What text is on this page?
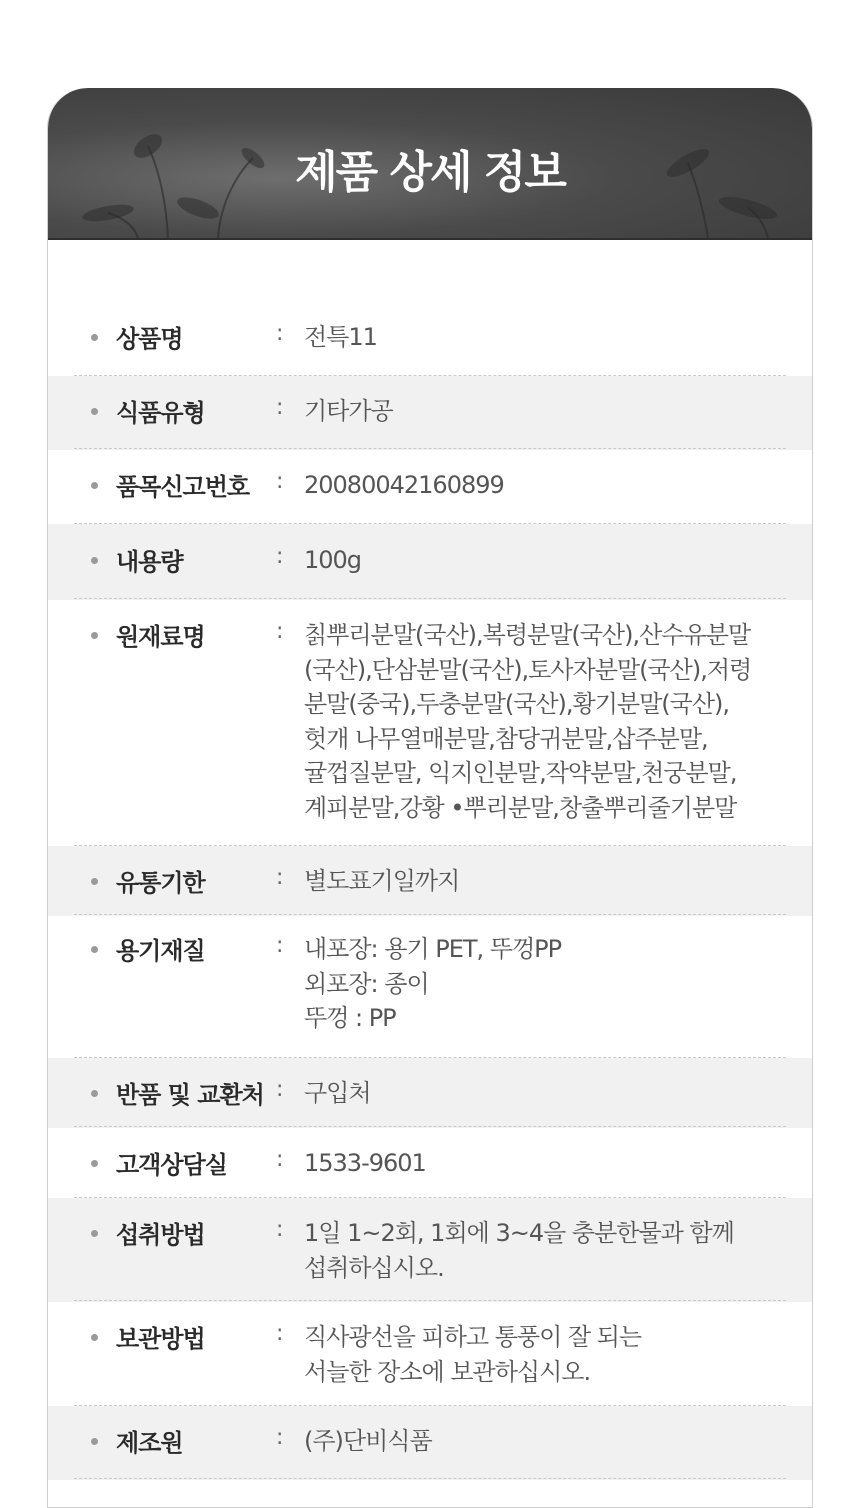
제품 상세 정보
상품명	: 전특11
식품유형	: 기타가공
품목신고번호 : 20080042160899
내용량	: 100g
원재료명	: 칡뿌리분말(국산),복령분말(국산),산수유분말
(국산),단삼분말(국산),토사자분말(국산),저령
분말(중국),두충분말(국산),황기분말(국산),
헛개 나무열매분말,참당귀분말,삽주분말,
귤껍질분말, 익지인분말,작약분말,천궁분말,
계피분말,강황 •뿌리분말,창출뿌리줄기분말
유통기한	: 별도표기일까지
용기재질	: 내포장: 용기 PET, 뚜껑PP
외포장: 종이
뚜껑 : PP
반품 및 교환처 : 구입처
고객상담실 : 1533-9601
섭취방법	: 1일 1~2회, 1회에 3~4을 충분한물과 함께
섭취하십시오.
보관방법	: 직사광선을 피하고 통풍이 잘 되는
서늘한 장소에 보관하십시오.
제조원	: (주)단비식품
